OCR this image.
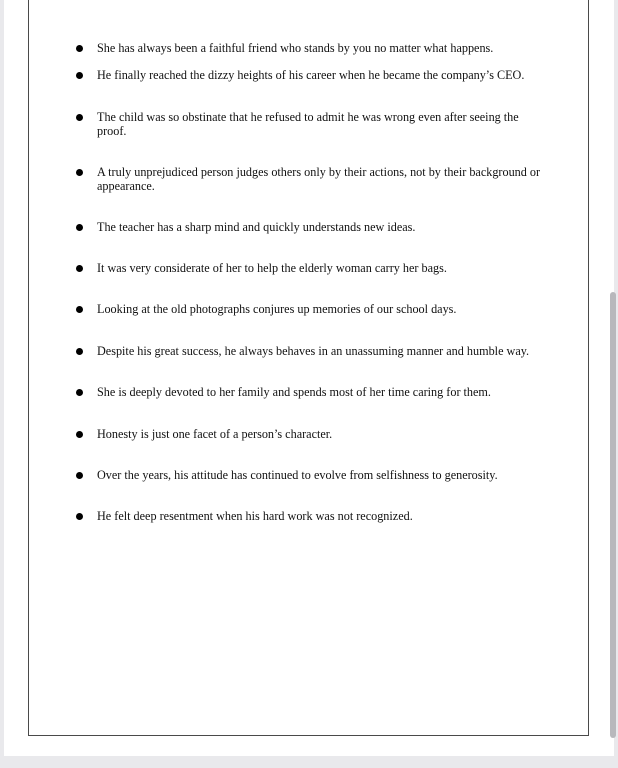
She has always been a faithful friend who stands by you no matter what happens.
He finally reached the dizzy heights of his career when he became the company’s CEO.
The child was so obstinate that he refused to admit he was wrong even after seeing the proof.
A truly unprejudiced person judges others only by their actions, not by their background or appearance.
The teacher has a sharp mind and quickly understands new ideas.
It was very considerate of her to help the elderly woman carry her bags.
Looking at the old photographs conjures up memories of our school days.
Despite his great success, he always behaves in an unassuming manner and humble way.
She is deeply devoted to her family and spends most of her time caring for them.
Honesty is just one facet of a person’s character.
Over the years, his attitude has continued to evolve from selfishness to generosity.
He felt deep resentment when his hard work was not recognized.
